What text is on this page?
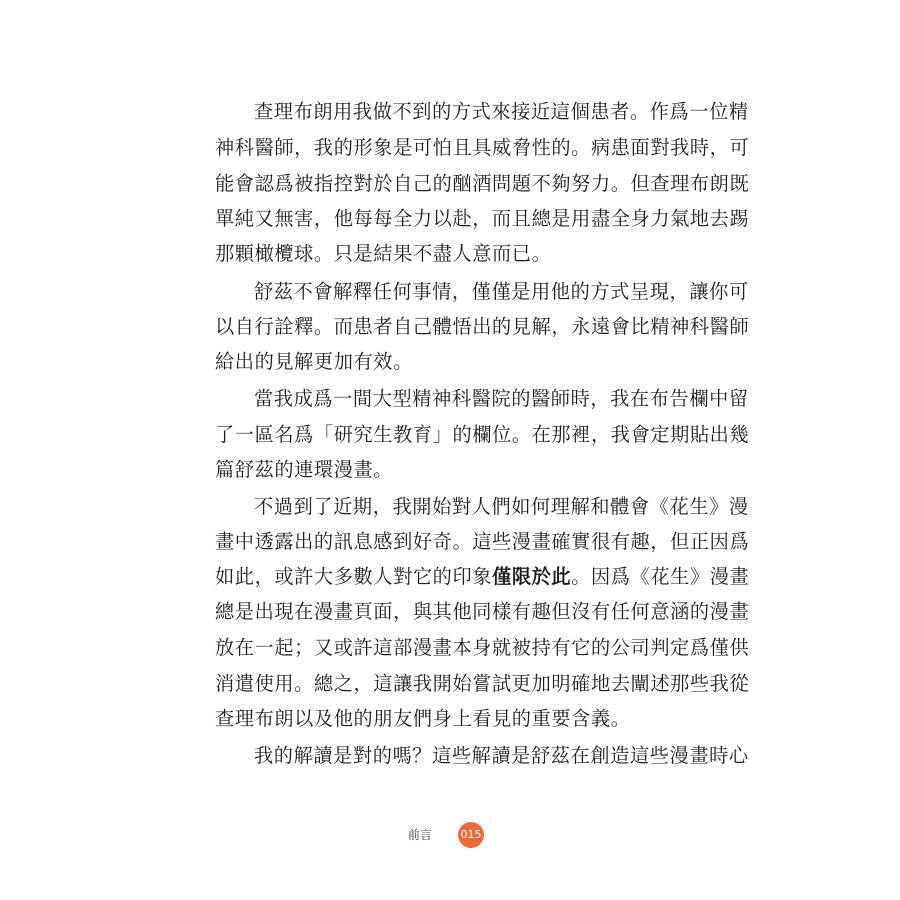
查理布朗用我做不到的方式來接近這個患者。作爲一位精

神科醫師，我的形象是可怕且具威脅性的。病患面對我時，可

能會認爲被指控對於自己的酗酒問題不夠努力。但查理布朗既

單純又無害，他每每全力以赴，而且總是用盡全身力氣地去踢

那顆橄欖球。只是結果不盡人意而已。

舒茲不會解釋任何事情，僅僅是用他的方式呈現，讓你可

以自行詮釋。而患者自己體悟出的見解，永遠會比精神科醫師

給出的見解更加有效。

當我成爲一間大型精神科醫院的醫師時，我在布告欄中留

了一區名爲「研究生教育」的欄位。在那裡，我會定期貼出幾

篇舒茲的連環漫畫。

不過到了近期，我開始對人們如何理解和體會《花生》漫

畫中透露出的訊息感到好奇。這些漫畫確實很有趣，但正因爲

如此，或許大多數人對它的印象僅限於此。因爲《花生》漫畫

總是出現在漫畫頁面，與其他同樣有趣但沒有任何意涵的漫畫

放在一起；又或許這部漫畫本身就被持有它的公司判定爲僅供

消遣使用。總之，這讓我開始嘗試更加明確地去闡述那些我從

查理布朗以及他的朋友們身上看見的重要含義。

我的解讀是對的嗎？這些解讀是舒茲在創造這些漫畫時心

前言	015
